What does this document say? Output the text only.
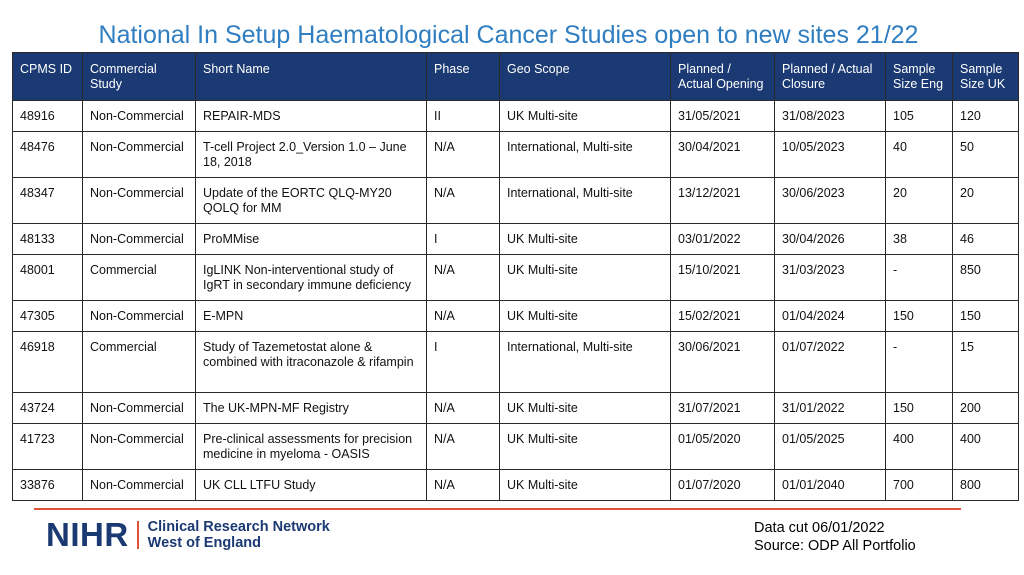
National In Setup Haematological Cancer Studies open to new sites 21/22
CPMS ID	Commercial Study	Short Name	Phase	Geo Scope	Planned / Actual Opening	Planned / Actual Closure	Sample Size Eng	Sample Size UK
48916	Non-Commercial	REPAIR-MDS	II	UK Multi-site	31/05/2021	31/08/2023	105	120
48476	Non-Commercial	T-cell Project 2.0_Version 1.0 – June 18, 2018	N/A	International, Multi-site	30/04/2021	10/05/2023	40	50
48347	Non-Commercial	Update of the EORTC QLQ-MY20 QOLQ for MM	N/A	International, Multi-site	13/12/2021	30/06/2023	20	20
48133	Non-Commercial	ProMMise	I	UK Multi-site	03/01/2022	30/04/2026	38	46
48001	Commercial	IgLINK Non-interventional study of IgRT in secondary immune deficiency	N/A	UK Multi-site	15/10/2021	31/03/2023	-	850
47305	Non-Commercial	E-MPN	N/A	UK Multi-site	15/02/2021	01/04/2024	150	150
46918	Commercial	Study of Tazemetostat alone & combined with itraconazole & rifampin	I	International, Multi-site	30/06/2021	01/07/2022	-	15
43724	Non-Commercial	The UK-MPN-MF Registry	N/A	UK Multi-site	31/07/2021	31/01/2022	150	200
41723	Non-Commercial	Pre-clinical assessments for precision medicine in myeloma - OASIS	N/A	UK Multi-site	01/05/2020	01/05/2025	400	400
33876	Non-Commercial	UK CLL LTFU Study	N/A	UK Multi-site	01/07/2020	01/01/2040	700	800
NIHR Clinical Research Network
West of England
Data cut 06/01/2022
Source: ODP All Portfolio
